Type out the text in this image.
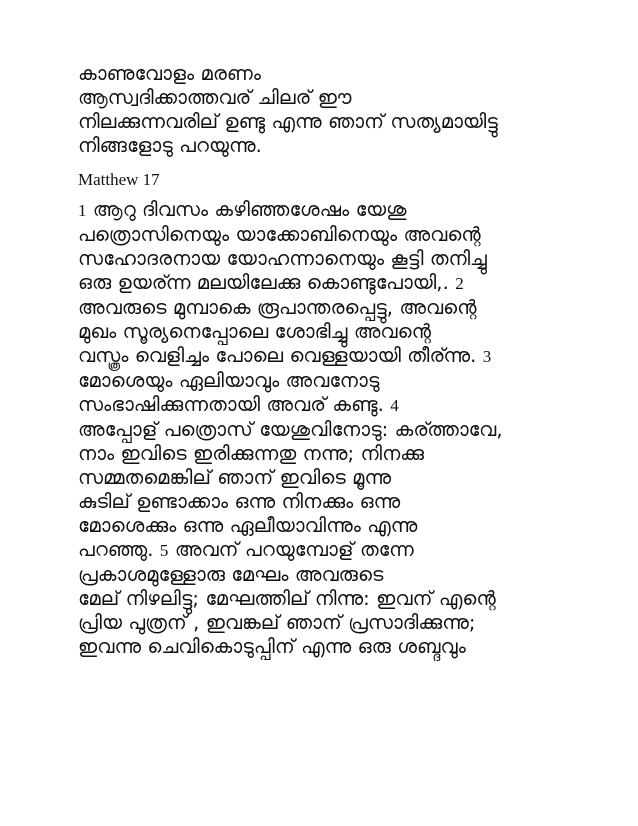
കാണുവോളം മരണം
ആസ്വദിക്കാത്തവര് ചിലര് ഈ
നിലക്കുന്നവരില് ഉണ്ടു എന്നു ഞാന് സത്യമായിട്ടു
നിങ്ങളോടു പറയുന്നു.
Matthew 17
1 ആറു ദിവസം കഴിഞ്ഞശേഷം യേശു
പത്രൊസിനെയും യാക്കോബിനെയും അവന്റെ
സഹോദരനായ യോഹന്നാനെയും കൂട്ടി തനിച്ചു
ഒരു ഉയര്ന്ന മലയിലേക്കു കൊണ്ടുപോയി,. 2
അവരുടെ മുമ്പാകെ രൂപാന്തരപ്പെട്ടു, അവന്റെ
മുഖം സൂര്യനെപ്പോലെ ശോഭിച്ചു അവന്റെ
വസ്ത്രം വെളിച്ചം പോലെ വെള്ളയായി തീര്ന്നു. 3
മോശെയും ഏലിയാവും അവനോടു
സംഭാഷിക്കുന്നതായി അവര് കണ്ടു. 4
അപ്പോള് പത്രൊസ് യേശുവിനോടു: കര്ത്താവേ,
നാം ഇവിടെ ഇരിക്കുന്നതു നന്നു; നിനക്കു
സമ്മതമെങ്കില് ഞാന് ഇവിടെ മൂന്നു
കുടില് ഉണ്ടാക്കാം ഒന്നു നിനക്കും ഒന്നു
മോശെക്കും ഒന്നു ഏലീയാവിന്നും എന്നു
പറഞ്ഞു. 5 അവന് പറയുമ്പോള് തന്നേ
പ്രകാശമുള്ളോരു മേഘം അവരുടെ
മേല് നിഴലിട്ടു; മേഘത്തില് നിന്നു: ഇവന് എന്റെ
പ്രിയ പുത്രന് , ഇവങ്കല് ഞാന് പ്രസാദിക്കുന്നു;
ഇവന്നു ചെവികൊടുപ്പിന് എന്നു ഒരു ശബ്ദവും
